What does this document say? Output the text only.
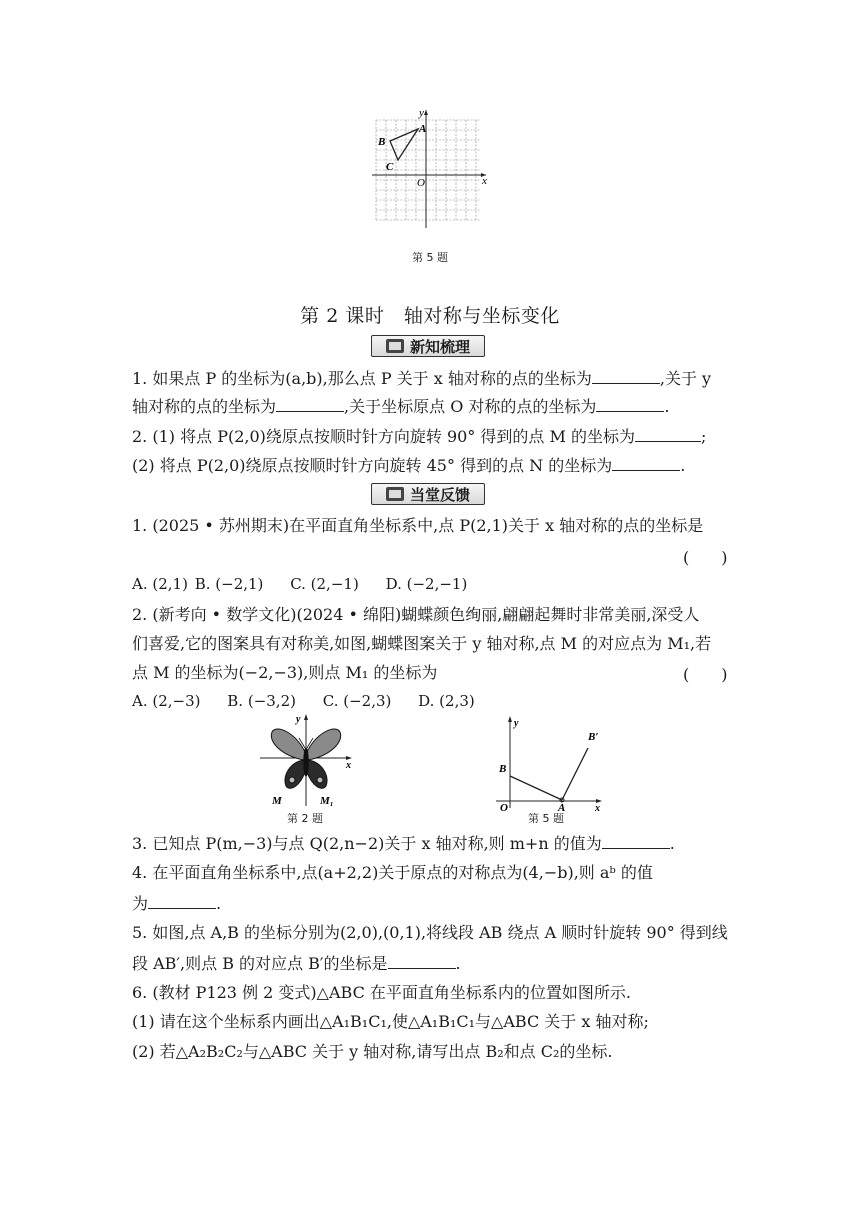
y
A
B
C
O	x
第 5 题
第 2 课时　轴对称与坐标变化
新知梳理
1. 如果点 P 的坐标为(a,b),那么点 P 关于 x 轴对称的点的坐标为	,关于 y
轴对称的点的坐标为	,关于坐标原点 O 对称的点的坐标为	.
2. (1) 将点 P(2,0)绕原点按顺时针方向旋转 90° 得到的点 M 的坐标为	;
(2) 将点 P(2,0)绕原点按顺时针方向旋转 45° 得到的点 N 的坐标为	.
当堂反馈
1. (2025 • 苏州期末)在平面直角坐标系中,点 P(2,1)关于 x 轴对称的点的坐标是
(　　)
A. (2,1) B. (−2,1) C. (2,−1) D. (−2,−1)
2. (新考向 • 数学文化)(2024 • 绵阳)蝴蝶颜色绚丽,翩翩起舞时非常美丽,深受人
们喜爱,它的图案具有对称美,如图,蝴蝶图案关于 y 轴对称,点 M 的对应点为 M₁,若
点 M 的坐标为(−2,−3),则点 M₁ 的坐标为	(　　)
A. (2,−3) B. (−3,2) C. (−2,3) D. (2,3)
y
x
M	M₁
第 2 题
y
B
B′
O	A	x
第 5 题
3. 已知点 P(m,−3)与点 Q(2,n−2)关于 x 轴对称,则 m+n 的值为	.
4. 在平面直角坐标系中,点(a+2,2)关于原点的对称点为(4,−b),则 aᵇ 的值
为	.
5. 如图,点 A,B 的坐标分别为(2,0),(0,1),将线段 AB 绕点 A 顺时针旋转 90° 得到线
段 AB′,则点 B 的对应点 B′的坐标是	.
6. (教材 P123 例 2 变式)△ABC 在平面直角坐标系内的位置如图所示.
(1) 请在这个坐标系内画出△A₁B₁C₁,使△A₁B₁C₁与△ABC 关于 x 轴对称;
(2) 若△A₂B₂C₂与△ABC 关于 y 轴对称,请写出点 B₂和点 C₂的坐标.
